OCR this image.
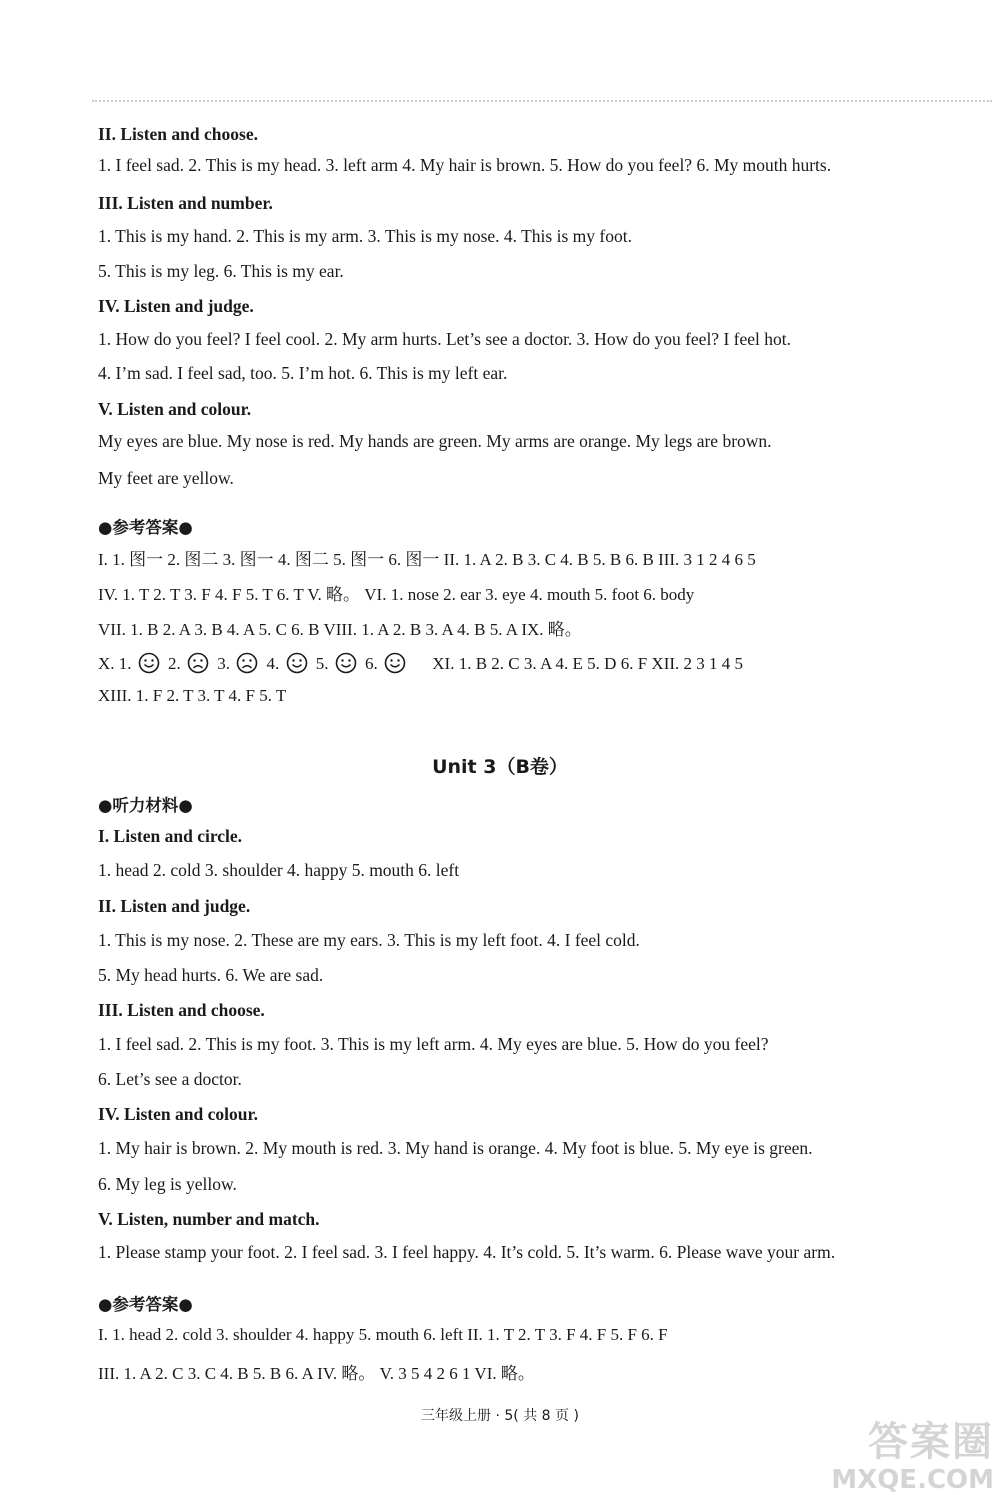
II. Listen and choose.
1. I feel sad. 2. This is my head. 3. left arm 4. My hair is brown. 5. How do you feel? 6. My mouth hurts.
III. Listen and number.
1. This is my hand. 2. This is my arm. 3. This is my nose. 4. This is my foot.
5. This is my leg. 6. This is my ear.
IV. Listen and judge.
1. How do you feel? I feel cool. 2. My arm hurts. Let’s see a doctor. 3. How do you feel? I feel hot.
4. I’m sad. I feel sad, too. 5. I’m hot. 6. This is my left ear.
V. Listen and colour.
My eyes are blue. My nose is red. My hands are green. My arms are orange. My legs are brown.
My feet are yellow.
●参考答案●
I. 1. 图一 2. 图二 3. 图一 4. 图二 5. 图一 6. 图一 II. 1. A 2. B 3. C 4. B 5. B 6. B III. 3 1 2 4 6 5
IV. 1. T 2. T 3. F 4. F 5. T 6. T V. 略。 VI. 1. nose 2. ear 3. eye 4. mouth 5. foot 6. body
VII. 1. B 2. A 3. B 4. A 5. C 6. B VIII. 1. A 2. B 3. A 4. B 5. A IX. 略。
X. 1. 2. 3. 4. 5. 6.	XI. 1. B 2. C 3. A 4. E 5. D 6. F XII. 2 3 1 4 5
XIII. 1. F 2. T 3. T 4. F 5. T
Unit 3（B卷）
●听力材料●
I. Listen and circle.
1. head 2. cold 3. shoulder 4. happy 5. mouth 6. left
II. Listen and judge.
1. This is my nose. 2. These are my ears. 3. This is my left foot. 4. I feel cold.
5. My head hurts. 6. We are sad.
III. Listen and choose.
1. I feel sad. 2. This is my foot. 3. This is my left arm. 4. My eyes are blue. 5. How do you feel?
6. Let’s see a doctor.
IV. Listen and colour.
1. My hair is brown. 2. My mouth is red. 3. My hand is orange. 4. My foot is blue. 5. My eye is green.
6. My leg is yellow.
V. Listen, number and match.
1. Please stamp your foot. 2. I feel sad. 3. I feel happy. 4. It’s cold. 5. It’s warm. 6. Please wave your arm.
●参考答案●
I. 1. head 2. cold 3. shoulder 4. happy 5. mouth 6. left II. 1. T 2. T 3. F 4. F 5. F 6. F
III. 1. A 2. C 3. C 4. B 5. B 6. A IV. 略。 V. 3 5 4 2 6 1 VI. 略。
三年级上册 · 5( 共 8 页 )
答案圈
MXQE.COM
